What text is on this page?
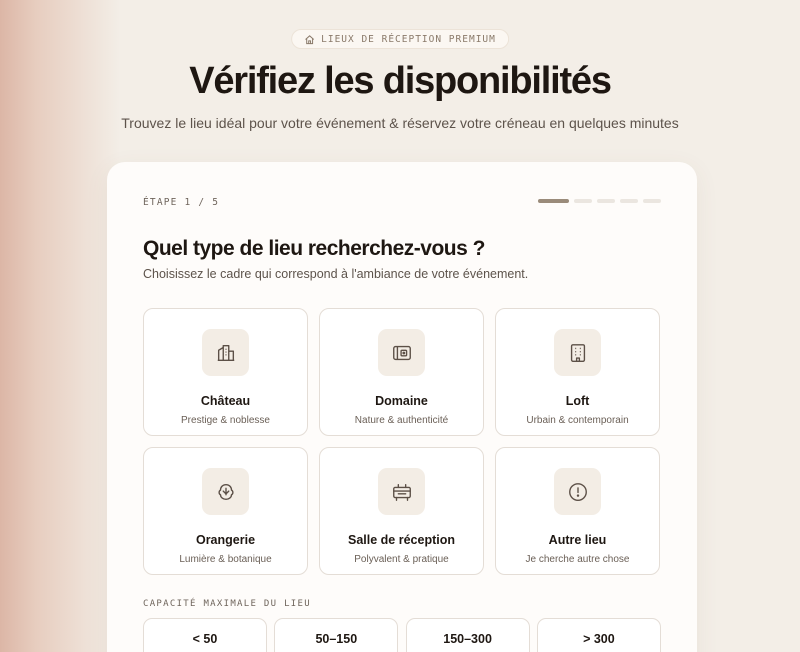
LIEUX DE RÉCEPTION PREMIUM
Vérifiez les disponibilités

Trouvez le lieu idéal pour votre événement & réservez votre créneau en quelques minutes

ÉTAPE 1 / 5
Quel type de lieu recherchez-vous ?

Choisissez le cadre qui correspond à l'ambiance de votre événement.

Château
Prestige & noblesse
Domaine
Nature & authenticité
Loft
Urbain & contemporain
Orangerie
Lumière & botanique
Salle de réception
Polyvalent & pratique
Autre lieu
Je cherche autre chose
CAPACITÉ MAXIMALE DU LIEU
< 50	50–150	150–300	> 300
